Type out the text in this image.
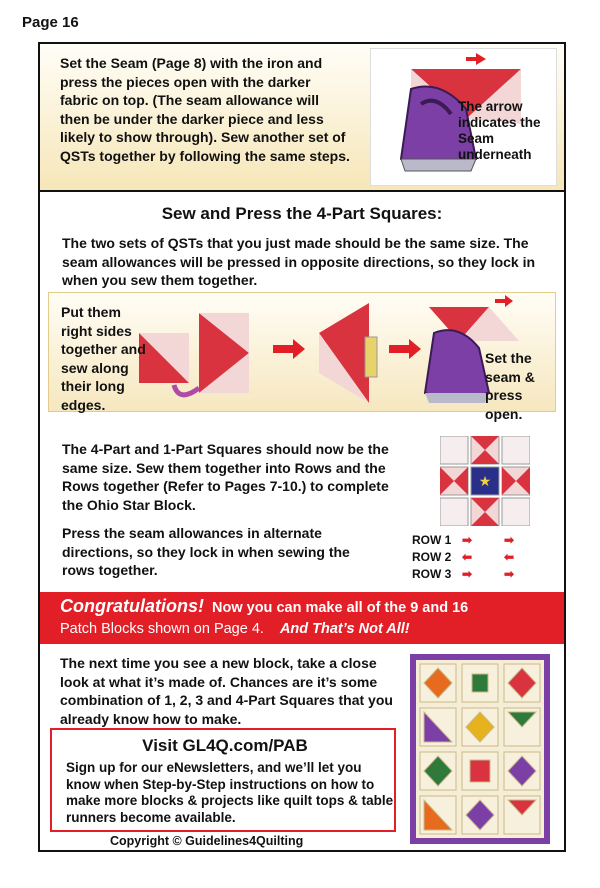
Page 16
Set the Seam (Page 8) with the iron and press the pieces open with the darker fabric on top. (The seam allowance will then be under the darker piece and less likely to show through). Sew another set of QSTs together by following the same steps.
The arrow indicates the Seam underneath
Sew and Press the 4-Part Squares:
The two sets of QSTs that you just made should be the same size. The seam allowances will be pressed in opposite directions, so they lock in when you sew them together.
Put them right sides together and sew along their long edges.
Set the seam & press open.
The 4-Part and 1-Part Squares should now be the same size. Sew them together into Rows and the Rows together (Refer to Pages 7-10.) to complete the Ohio Star Block.
Press the seam allowances in alternate directions, so they lock in when sewing the rows together.
★
ROW 1 ➡	➡
ROW 2 ⬅	⬅
ROW 3 ➡	➡
Congratulations! Now you can make all of the 9 and 16
Patch Blocks shown on Page 4. And That’s Not All!
The next time you see a new block, take a close look at what it’s made of. Chances are it’s some combination of 1, 2, 3 and 4-Part Squares that you already know how to make.
Visit GL4Q.com/PAB
Sign up for our eNewsletters, and we’ll let you know when Step-by-Step instructions on how to make more blocks & projects like quilt tops & table runners become available.
Copyright © Guidelines4Quilting
